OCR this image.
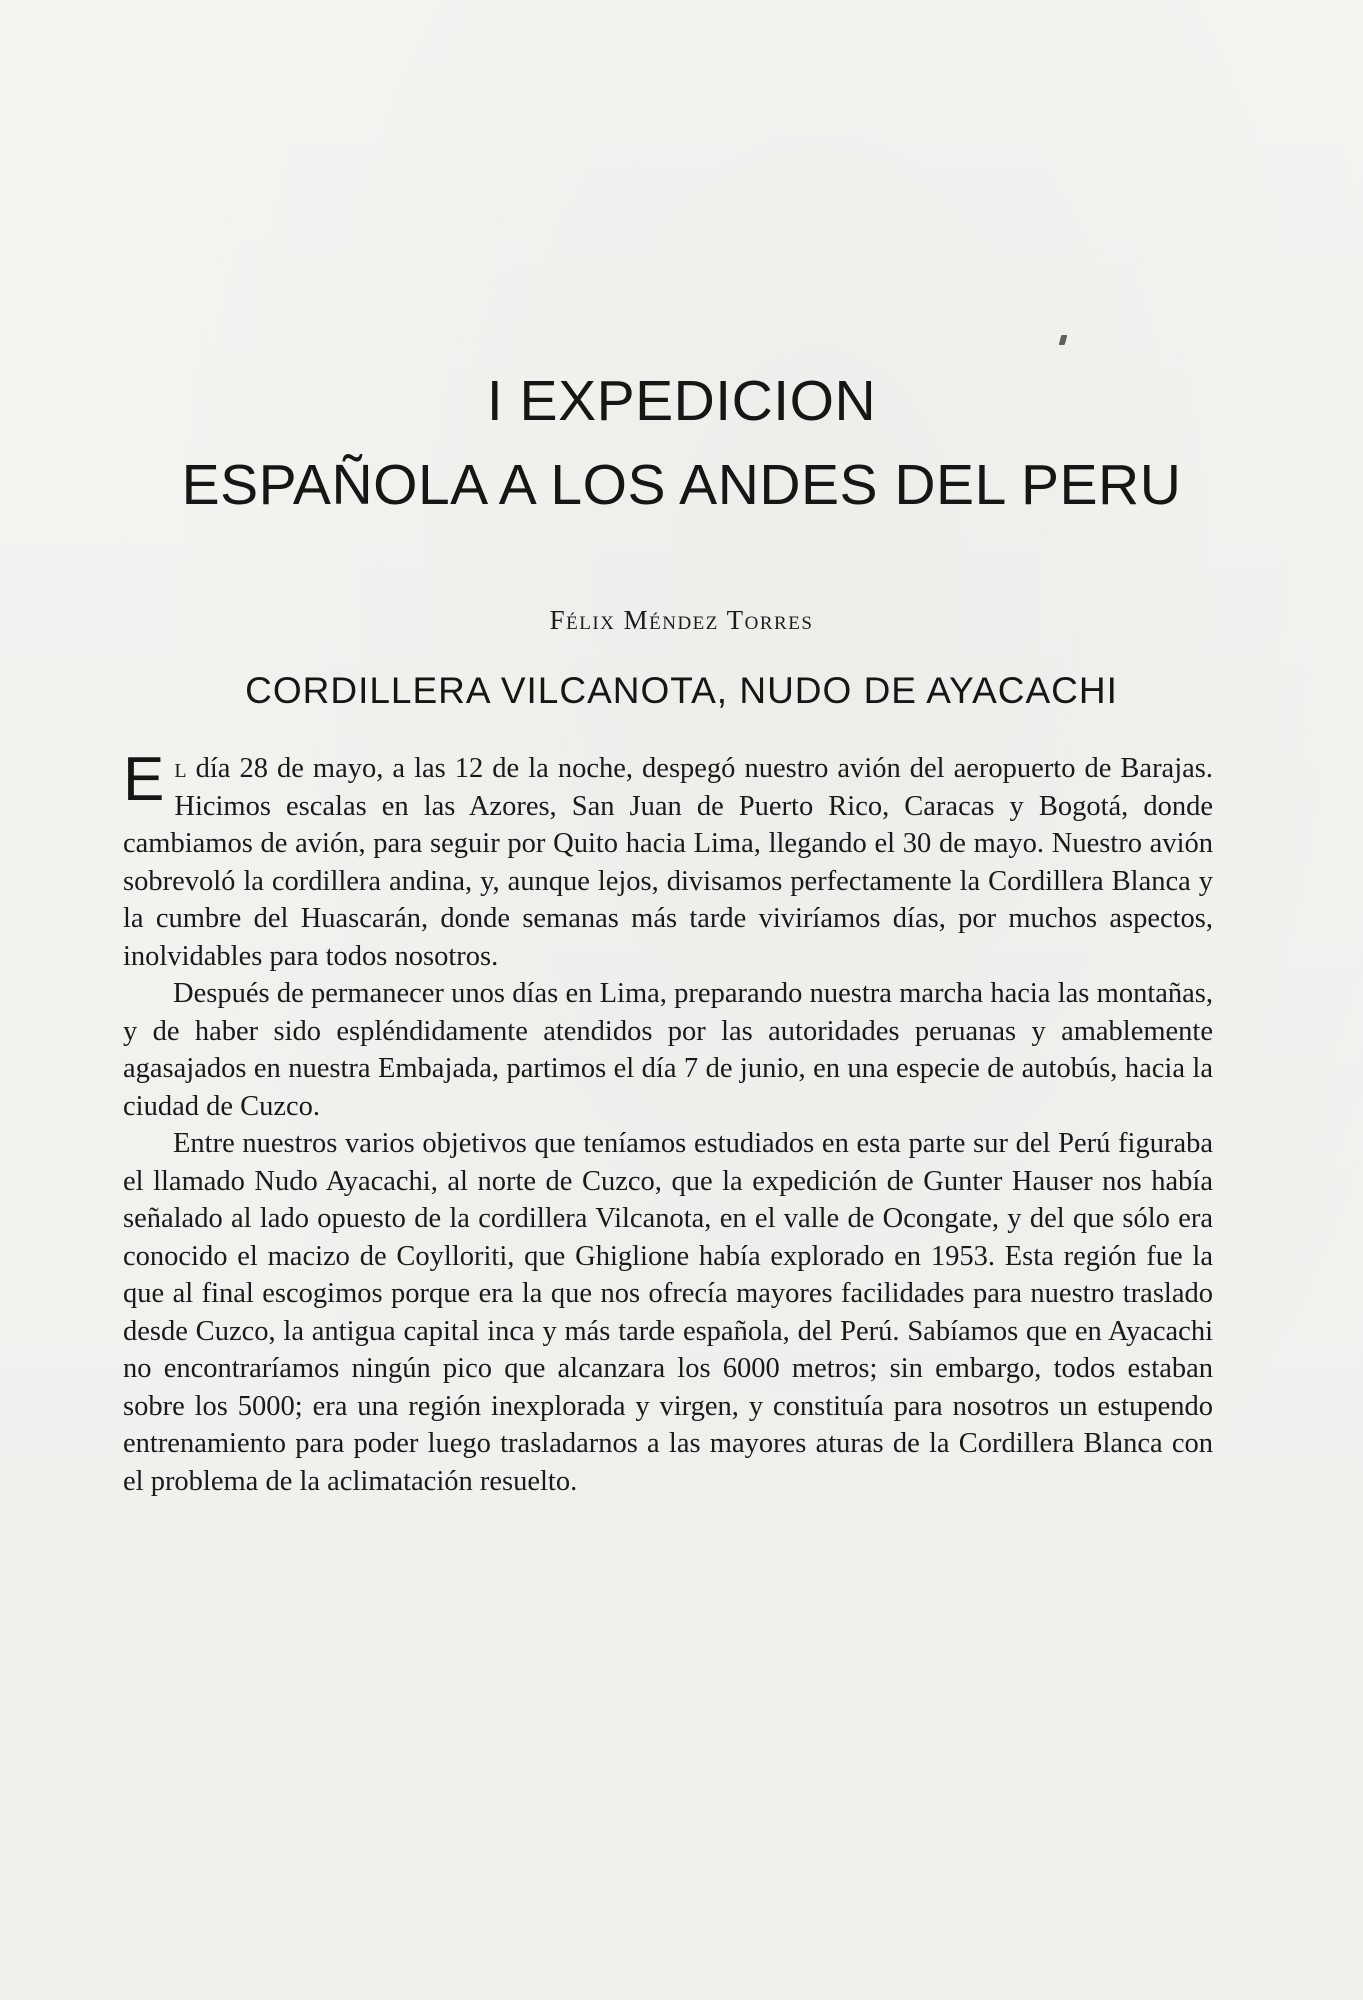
I EXPEDICION
ESPAÑOLA A LOS ANDES DEL PERU
Félix Méndez Torres
CORDILLERA VILCANOTA, NUDO DE AYACACHI

El día 28 de mayo, a las 12 de la noche, despegó nuestro avión del aeropuerto de Barajas. Hicimos escalas en las Azores, San Juan de Puerto Rico, Caracas y Bogotá, donde cambiamos de avión, para seguir por Quito hacia Lima, llegando el 30 de mayo. Nuestro avión sobrevoló la cordillera andina, y, aunque lejos, divisamos perfectamente la Cordillera Blanca y la cumbre del Huascarán, donde semanas más tarde viviríamos días, por muchos aspectos, inolvidables para todos nosotros.

Después de permanecer unos días en Lima, preparando nuestra marcha hacia las montañas, y de haber sido espléndidamente atendidos por las autoridades peruanas y amablemente agasajados en nuestra Embajada, partimos el día 7 de junio, en una especie de autobús, hacia la ciudad de Cuzco.

Entre nuestros varios objetivos que teníamos estudiados en esta parte sur del Perú figuraba el llamado Nudo Ayacachi, al norte de Cuzco, que la expedición de Gunter Hauser nos había señalado al lado opuesto de la cordillera Vilcanota, en el valle de Ocongate, y del que sólo era conocido el macizo de Coylloriti, que Ghiglione había explorado en 1953. Esta región fue la que al final escogimos porque era la que nos ofrecía mayores facilidades para nuestro traslado desde Cuzco, la antigua capital inca y más tarde española, del Perú. Sabíamos que en Ayacachi no encontraríamos ningún pico que alcanzara los 6000 metros; sin embargo, todos estaban sobre los 5000; era una región inexplorada y virgen, y constituía para nosotros un estupendo entrenamiento para poder luego trasladarnos a las mayores aturas de la Cordillera Blanca con el problema de la aclimatación resuelto.
